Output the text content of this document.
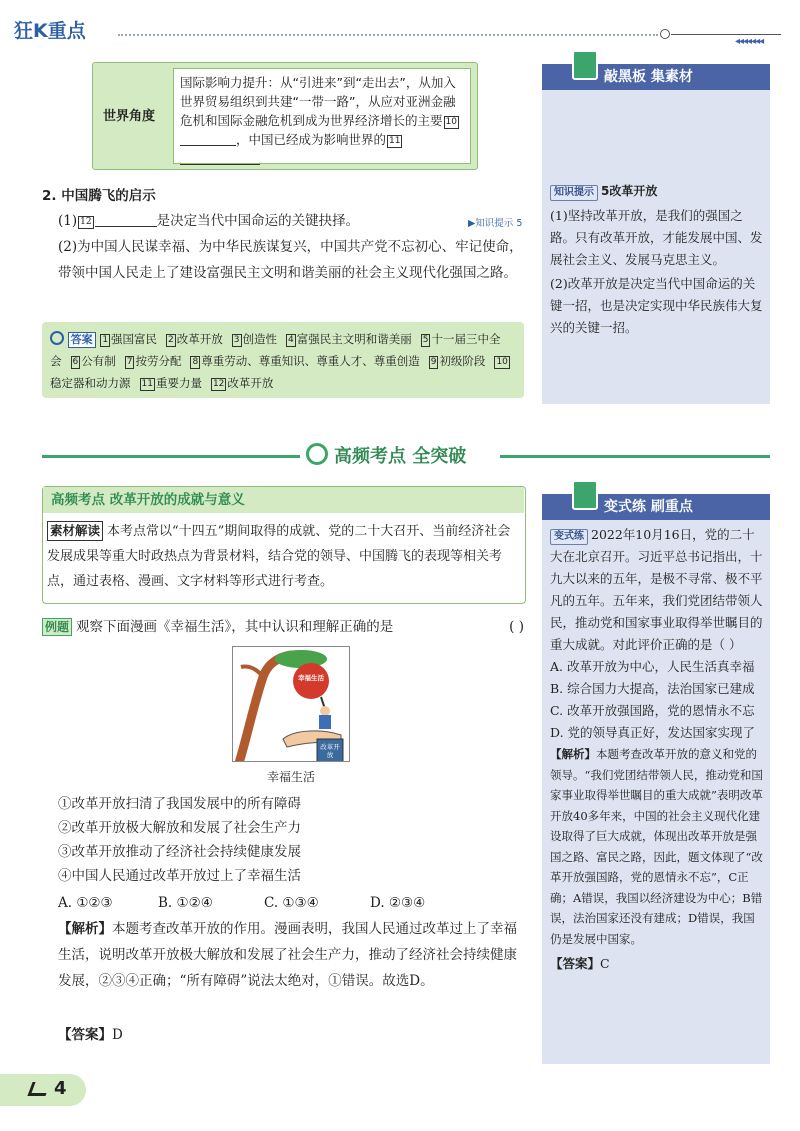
狂K重点	◂◂◂◂◂◂◂
世界角度
国际影响力提升：从“引进来”到“走出去”，从加入世界贸易组织到共建“一带一路”，从应对亚洲金融危机和国际金融危机到成为世界经济增长的主要 10，中国已经成为影响世界的 11
2. 中国腾飞的启示
(1) 12	是决定当代中国命运的关键抉择。	▶知识提示 5
(2)为中国人民谋幸福、为中华民族谋复兴，中国共产党不忘初心、牢记使命，带领中国人民走上了建设富强民主文明和谐美丽的社会主义现代化强国之路。
答案 1 强国富民 2 改革开放 3 创造性 4 富强民主文明和谐美丽 5 十一届三中全会 6 公有制 7 按劳分配 8 尊重劳动、尊重知识、尊重人才、尊重创造 9 初级阶段 10稳定器和动力源 11 重要力量 12 改革开放
敲黑板 集素材
知识提示 5改革开放

(1)坚持改革开放，是我们的强国之路。只有改革开放，才能发展中国、发展社会主义、发展马克思主义。

(2)改革开放是决定当代中国命运的关键一招，也是决定实现中华民族伟大复兴的关键一招。

高频考点 全突破
高频考点 改革开放的成就与意义
素材解读 本考点常以“十四五”期间取得的成就、党的二十大召开、当前经济社会发展成果等重大时政热点为背景材料，结合党的领导、中国腾飞的表现等相关考点，通过表格、漫画、文字材料等形式进行考查。
例题 观察下面漫画《幸福生活》，其中认识和理解正确的是	( )
幸福生活
改革开放
幸福生活
①改革开放扫清了我国发展中的所有障碍
②改革开放极大解放和发展了社会生产力
③改革开放推动了经济社会持续健康发展
④中国人民通过改革开放过上了幸福生活
A. ①②③	B. ①②④	C. ①③④	D. ②③④
【解析】本题考查改革开放的作用。漫画表明，我国人民通过改革过上了幸福生活，说明改革开放极大解放和发展了社会生产力，推动了经济社会持续健康发展，②③④正确；“所有障碍”说法太绝对，①错误。故选D。
【答案】D
变式练 刷重点

变式练 2022年10月16日，党的二十大在北京召开。习近平总书记指出，十九大以来的五年，是极不寻常、极不平凡的五年。五年来，我们党团结带领人民，推动党和国家事业取得举世瞩目的重大成就。对此评价正确的是（ ）

A. 改革开放为中心，人民生活真幸福

B. 综合国力大提高，法治国家已建成

C. 改革开放强国路，党的恩情永不忘

D. 党的领导真正好，发达国家实现了

【解析】本题考查改革开放的意义和党的领导。“我们党团结带领人民，推动党和国家事业取得举世瞩目的重大成就”表明改革开放40多年来，中国的社会主义现代化建设取得了巨大成就，体现出改革开放是强国之路、富民之路，因此，题文体现了“改革开放强国路，党的恩情永不忘”，C正确；A错误，我国以经济建设为中心；B错误，法治国家还没有建成；D错误，我国仍是发展中国家。

【答案】C

4
